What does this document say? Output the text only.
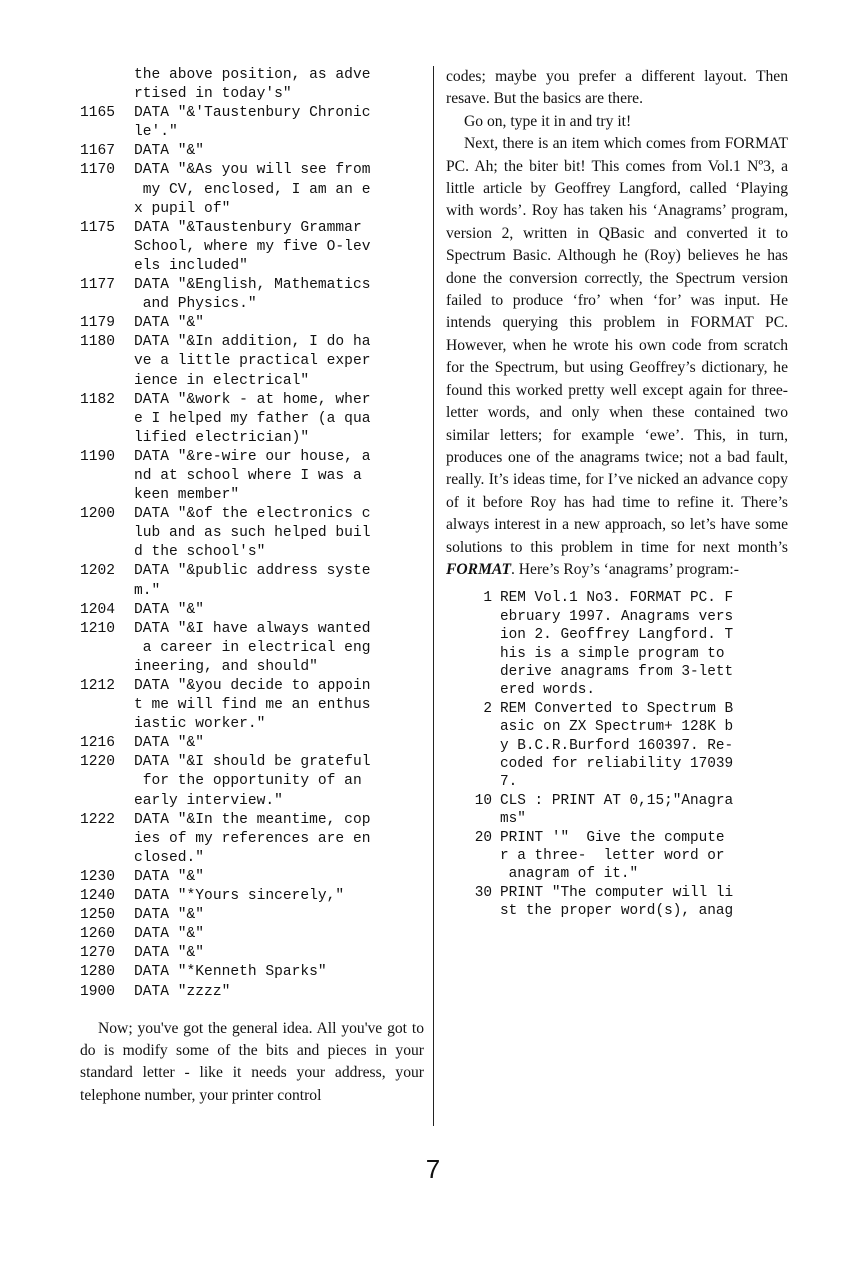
the above position, as adve
rtised in today's"
1165	DATA "&'Taustenbury Chronic
le'."
1167	DATA "&"
1170	DATA "&As you will see from
my CV, enclosed, I am an e
x pupil of"
1175	DATA "&Taustenbury Grammar
School, where my five O-lev
els included"
1177	DATA "&English, Mathematics
and Physics."
1179	DATA "&"
1180	DATA "&In addition, I do ha
ve a little practical exper
ience in electrical"
1182	DATA "&work - at home, wher
e I helped my father (a qua
lified electrician)"
1190	DATA "&re-wire our house, a
nd at school where I was a
keen member"
1200	DATA "&of the electronics c
lub and as such helped buil
d the school's"
1202	DATA "&public address syste
m."
1204	DATA "&"
1210	DATA "&I have always wanted
a career in electrical eng
ineering, and should"
1212	DATA "&you decide to appoin
t me will find me an enthus
iastic worker."
1216	DATA "&"
1220	DATA "&I should be grateful
for the opportunity of an
early interview."
1222	DATA "&In the meantime, cop
ies of my references are en
closed."
1230	DATA "&"
1240	DATA "*Yours sincerely,"
1250	DATA "&"
1260	DATA "&"
1270	DATA "&"
1280	DATA "*Kenneth Sparks"
1900	DATA "zzzz"

Now; you've got the general idea. All you've got to do is modify some of the bits and pieces in your standard letter - like it needs your address, your telephone number, your printer control

codes; maybe you prefer a different layout. Then resave. But the basics are there.

Go on, type it in and try it!

Next, there is an item which comes from FORMAT PC. Ah; the biter bit! This comes from Vol.1 Nº3, a little article by Geoffrey Langford, called ‘Playing with words’. Roy has taken his ‘Anagrams’ program, version 2, written in QBasic and converted it to Spectrum Basic. Although he (Roy) believes he has done the conversion correctly, the Spectrum version failed to produce ‘fro’ when ‘for’ was input. He intends querying this problem in FORMAT PC. However, when he wrote his own code from scratch for the Spectrum, but using Geoffrey’s dictionary, he found this worked pretty well except again for three-letter words, and only when these contained two similar letters; for example ‘ewe’. This, in turn, produces one of the anagrams twice; not a bad fault, really. It’s ideas time, for I’ve nicked an advance copy of it before Roy has had time to refine it. There’s always interest in a new approach, so let’s have some solutions to this problem in time for next month’s FORMAT. Here’s Roy’s ‘anagrams’ program:-

1 REM Vol.1 No3. FORMAT PC. F
ebruary 1997. Anagrams vers
ion 2. Geoffrey Langford. T
his is a simple program to
derive anagrams from 3-lett
ered words.
2 REM Converted to Spectrum B
asic on ZX Spectrum+ 128K b
y B.C.R.Burford 160397. Re-
coded for reliability 17039
7.
10 CLS : PRINT AT 0,15;"Anagra
ms"
20 PRINT '"  Give the compute
r a three-  letter word or
anagram of it."
30 PRINT "The computer will li
st the proper word(s), anag
7
